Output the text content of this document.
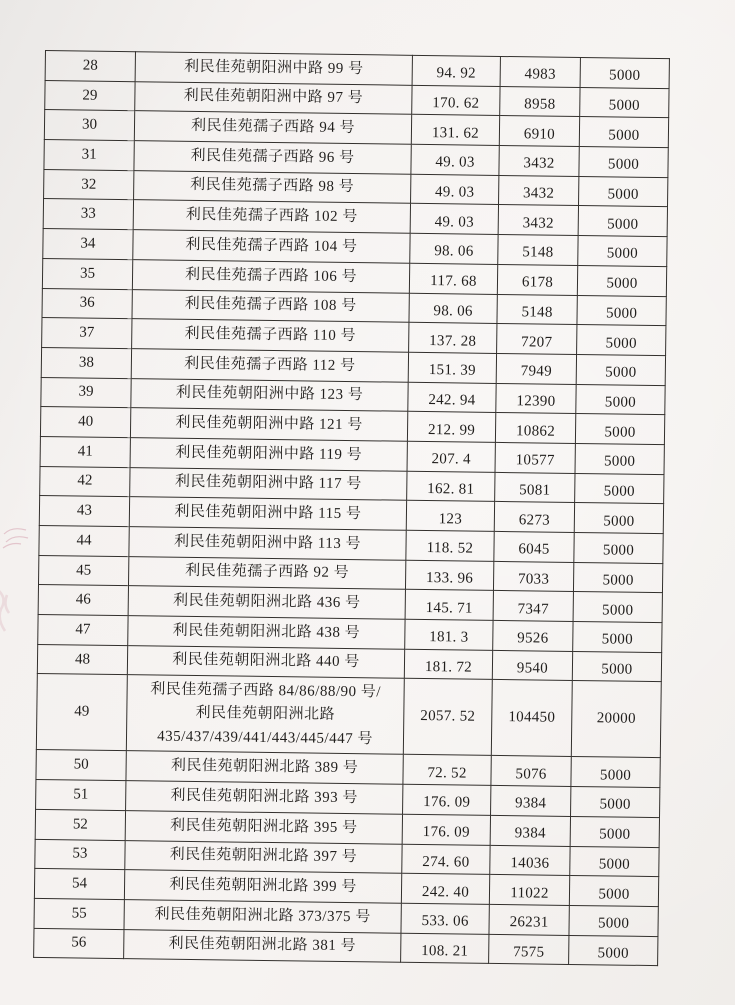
28	利民佳苑朝阳洲中路 99 号	94. 92	4983	5000
29	利民佳苑朝阳洲中路 97 号	170. 62	8958	5000
30	利民佳苑孺子西路 94 号	131. 62	6910	5000
31	利民佳苑孺子西路 96 号	49. 03	3432	5000
32	利民佳苑孺子西路 98 号	49. 03	3432	5000
33	利民佳苑孺子西路 102 号	49. 03	3432	5000
34	利民佳苑孺子西路 104 号	98. 06	5148	5000
35	利民佳苑孺子西路 106 号	117. 68	6178	5000
36	利民佳苑孺子西路 108 号	98. 06	5148	5000
37	利民佳苑孺子西路 110 号	137. 28	7207	5000
38	利民佳苑孺子西路 112 号	151. 39	7949	5000
39	利民佳苑朝阳洲中路 123 号	242. 94	12390	5000
40	利民佳苑朝阳洲中路 121 号	212. 99	10862	5000
41	利民佳苑朝阳洲中路 119 号	207. 4	10577	5000
42	利民佳苑朝阳洲中路 117 号	162. 81	5081	5000
43	利民佳苑朝阳洲中路 115 号	123	6273	5000
44	利民佳苑朝阳洲中路 113 号	118. 52	6045	5000
45	利民佳苑孺子西路 92 号	133. 96	7033	5000
46	利民佳苑朝阳洲北路 436 号	145. 71	7347	5000
47	利民佳苑朝阳洲北路 438 号	181. 3	9526	5000
48	利民佳苑朝阳洲北路 440 号	181. 72	9540	5000
49	利民佳苑孺子西路 84/86/88/90 号/
利民佳苑朝阳洲北路
435/437/439/441/443/445/447 号	2057. 52	104450	20000
50	利民佳苑朝阳洲北路 389 号	72. 52	5076	5000
51	利民佳苑朝阳洲北路 393 号	176. 09	9384	5000
52	利民佳苑朝阳洲北路 395 号	176. 09	9384	5000
53	利民佳苑朝阳洲北路 397 号	274. 60	14036	5000
54	利民佳苑朝阳洲北路 399 号	242. 40	11022	5000
55	利民佳苑朝阳洲北路 373/375 号	533. 06	26231	5000
56	利民佳苑朝阳洲北路 381 号	108. 21	7575	5000
